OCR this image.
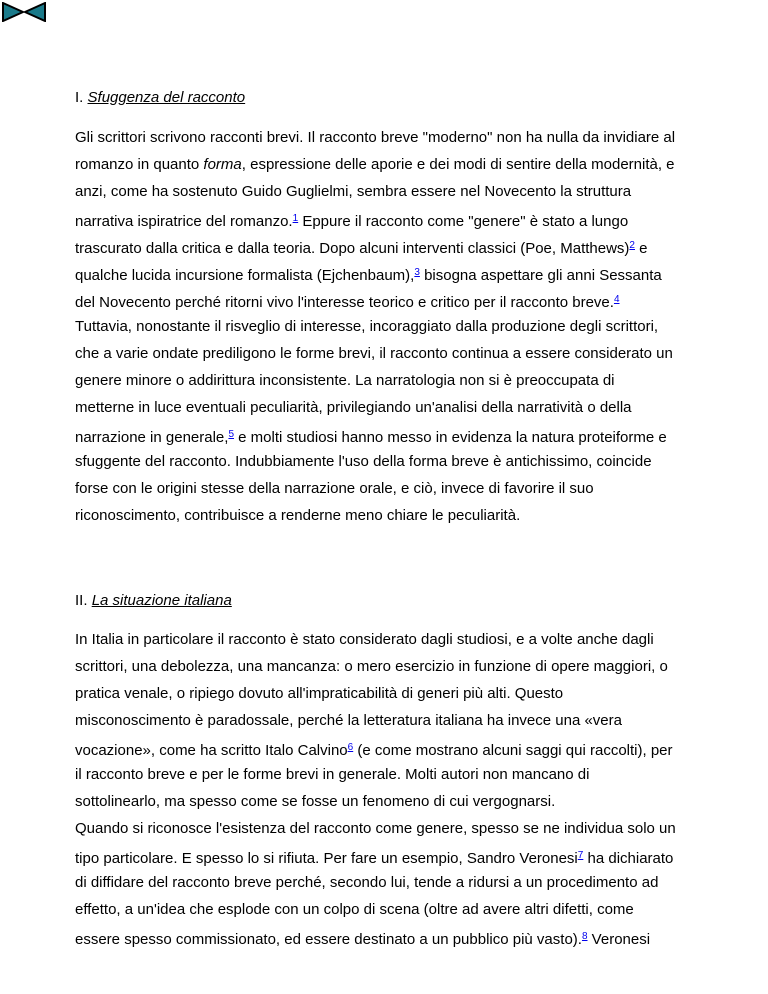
I. Sfuggenza del racconto
Gli scrittori scrivono racconti brevi. Il racconto breve "moderno" non ha nulla da invidiare al
romanzo in quanto forma, espressione delle aporie e dei modi di sentire della modernità, e
anzi, come ha sostenuto Guido Guglielmi, sembra essere nel Novecento la struttura
narrativa ispiratrice del romanzo.$^1$ Eppure il racconto come "genere" è stato a lungo
trascurato dalla critica e dalla teoria. Dopo alcuni interventi classici (Poe, Matthews)$^2$ e
qualche lucida incursione formalista (Ejchenbaum),$^3$ bisogna aspettare gli anni Sessanta
del Novecento perché ritorni vivo l'interesse teorico e critico per il racconto breve.$^4$
Tuttavia, nonostante il risveglio di interesse, incoraggiato dalla produzione degli scrittori,
che a varie ondate prediligono le forme brevi, il racconto continua a essere considerato un
genere minore o addirittura inconsistente. La narratologia non si è preoccupata di
metterne in luce eventuali peculiarità, privilegiando un'analisi della narratività o della
narrazione in generale,$^5$ e molti studiosi hanno messo in evidenza la natura proteiforme e
sfuggente del racconto. Indubbiamente l'uso della forma breve è antichissimo, coincide
forse con le origini stesse della narrazione orale, e ciò, invece di favorire il suo
riconoscimento, contribuisce a renderne meno chiare le peculiarità.
II. La situazione italiana
In Italia in particolare il racconto è stato considerato dagli studiosi, e a volte anche dagli
scrittori, una debolezza, una mancanza: o mero esercizio in funzione di opere maggiori, o
pratica venale, o ripiego dovuto all'impraticabilità di generi più alti. Questo
misconoscimento è paradossale, perché la letteratura italiana ha invece una «vera
vocazione», come ha scritto Italo Calvino$^6$ (e come mostrano alcuni saggi qui raccolti), per
il racconto breve e per le forme brevi in generale. Molti autori non mancano di
sottolinearlo, ma spesso come se fosse un fenomeno di cui vergognarsi.
Quando si riconosce l'esistenza del racconto come genere, spesso se ne individua solo un
tipo particolare. E spesso lo si rifiuta. Per fare un esempio, Sandro Veronesi$^7$ ha dichiarato
di diffidare del racconto breve perché, secondo lui, tende a ridursi a un procedimento ad
effetto, a un'idea che esplode con un colpo di scena (oltre ad avere altri difetti, come
essere spesso commissionato, ed essere destinato a un pubblico più vasto).$^8$ Veronesi
